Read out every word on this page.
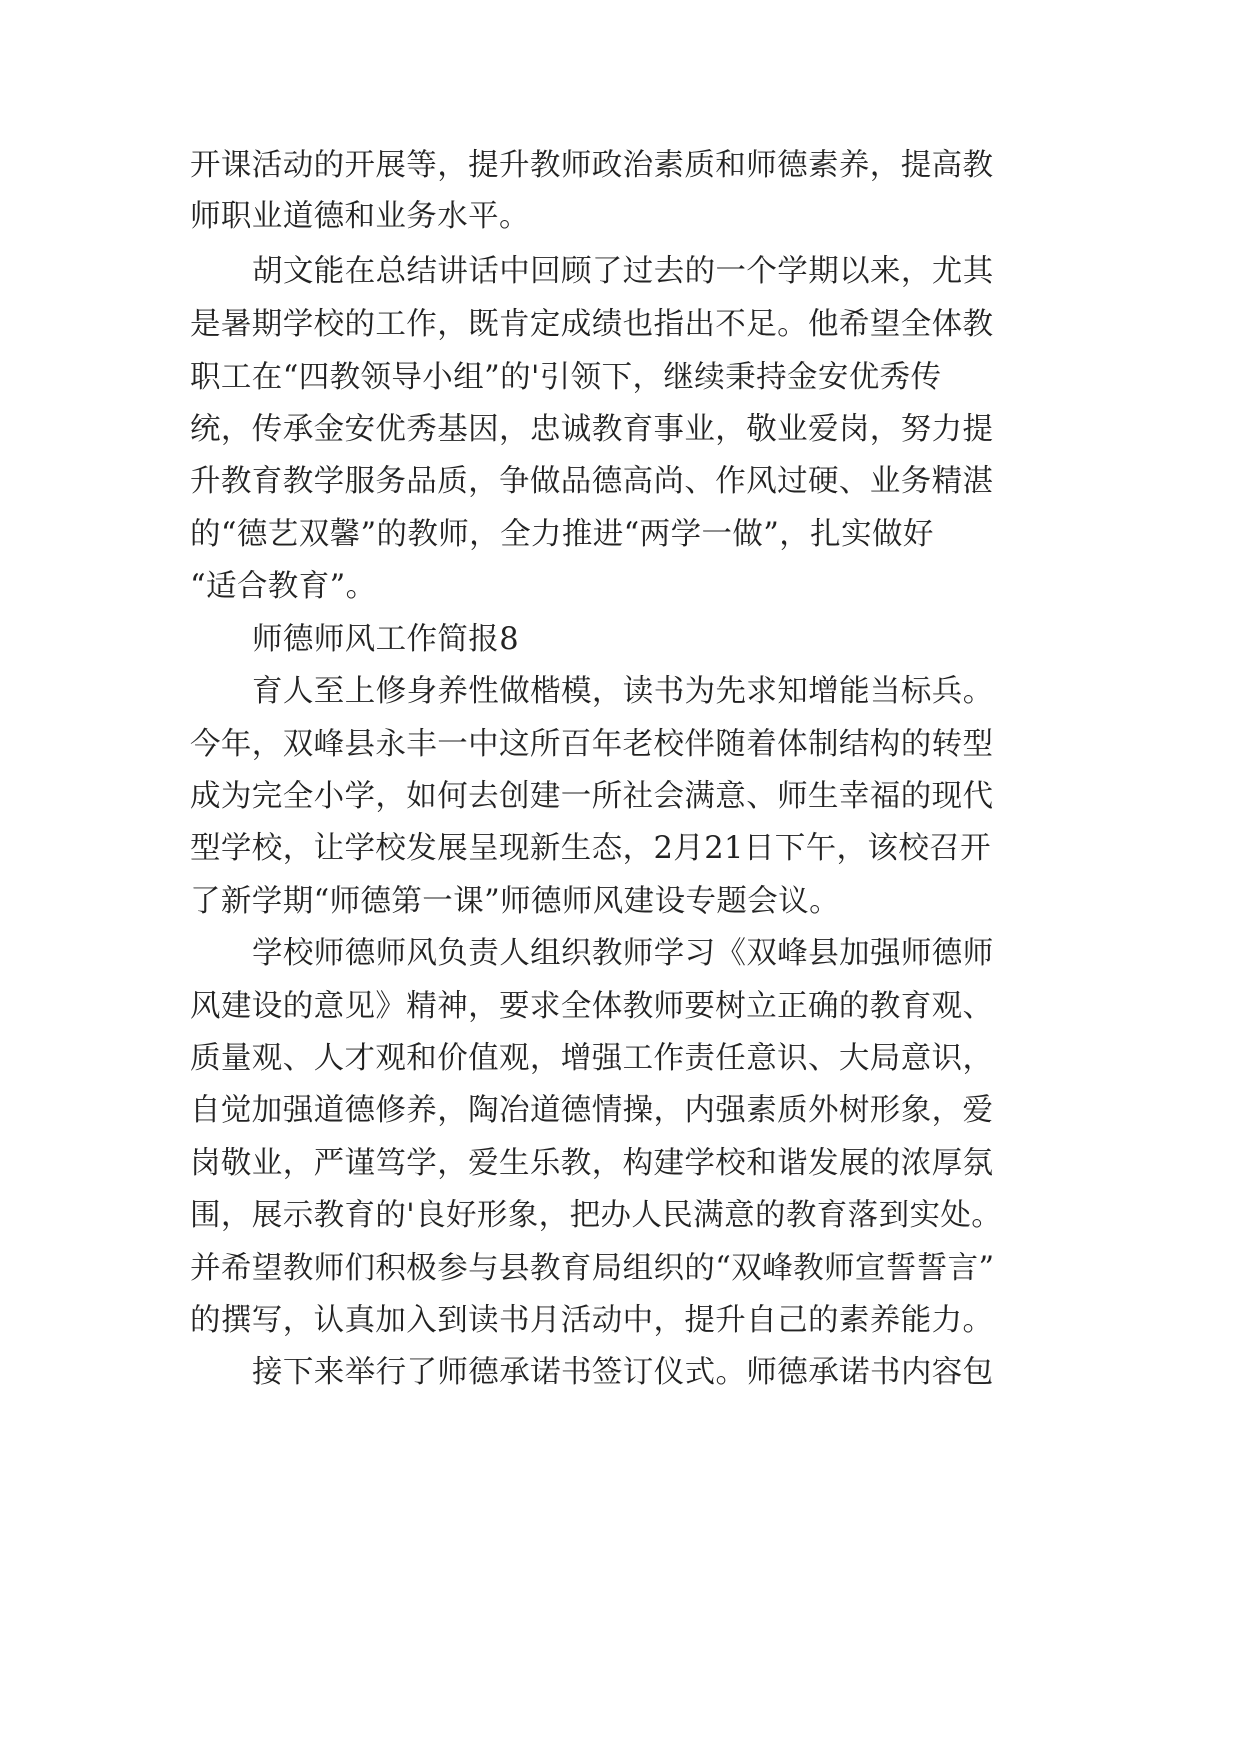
开课活动的开展等，提升教师政治素质和师德素养，提高教
师职业道德和业务水平。
胡文能在总结讲话中回顾了过去的一个学期以来，尤其
是暑期学校的工作，既肯定成绩也指出不足。他希望全体教
职工在“四教领导小组”的'引领下，继续秉持金安优秀传
统，传承金安优秀基因，忠诚教育事业，敬业爱岗，努力提
升教育教学服务品质，争做品德高尚、作风过硬、业务精湛
的“德艺双馨”的教师，全力推进“两学一做”，扎实做好
“适合教育”。
师德师风工作简报8
育人至上修身养性做楷模，读书为先求知增能当标兵。
今年，双峰县永丰一中这所百年老校伴随着体制结构的转型
成为完全小学，如何去创建一所社会满意、师生幸福的现代
型学校，让学校发展呈现新生态，2月21日下午，该校召开
了新学期“师德第一课”师德师风建设专题会议。
学校师德师风负责人组织教师学习《双峰县加强师德师
风建设的意见》精神，要求全体教师要树立正确的教育观、
质量观、人才观和价值观，增强工作责任意识、大局意识，
自觉加强道德修养，陶冶道德情操，内强素质外树形象，爱
岗敬业，严谨笃学，爱生乐教，构建学校和谐发展的浓厚氛
围，展示教育的'良好形象，把办人民满意的教育落到实处。
并希望教师们积极参与县教育局组织的“双峰教师宣誓誓言”
的撰写，认真加入到读书月活动中，提升自己的素养能力。
接下来举行了师德承诺书签订仪式。师德承诺书内容包
